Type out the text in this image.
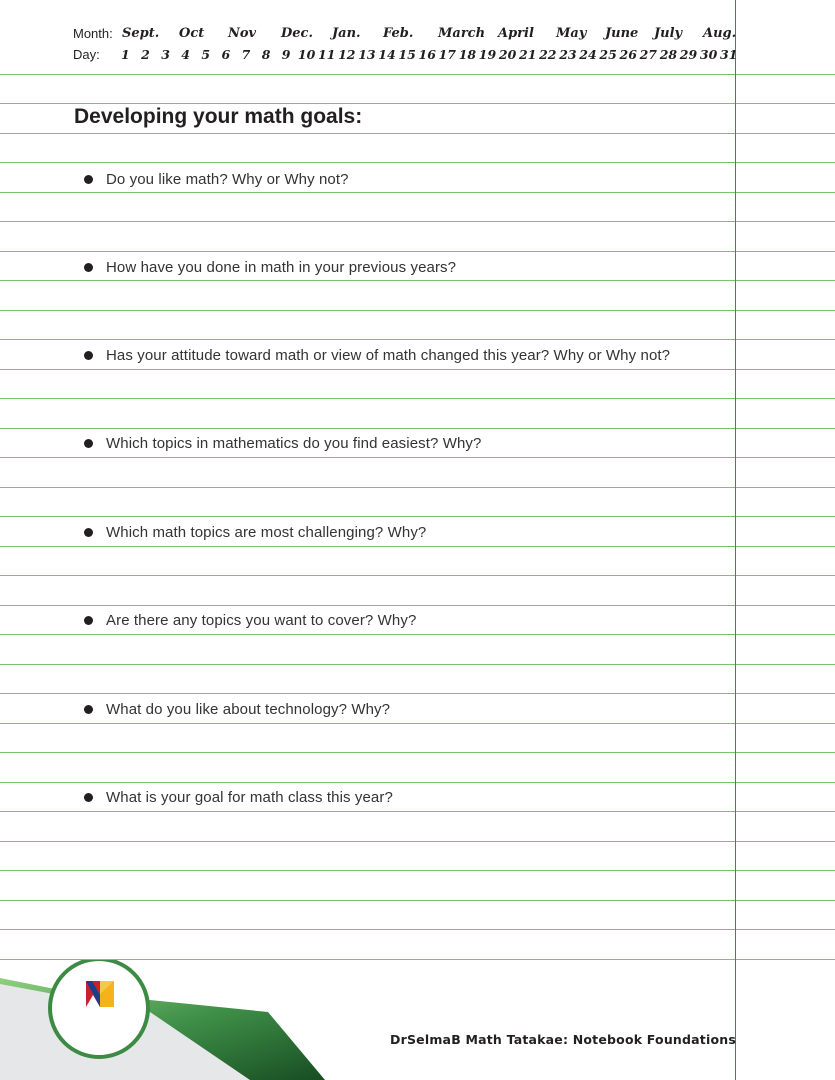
Month:
Day:
Sept. Oct Nov Dec. Jan. Feb. March April May June July Aug.
1 2 3 4 5 6 7 8 9 10 11 12 13 14 15 16 17 18 19 20 21 22 23 24 25 26 27 28 29 30 31
Developing your math goals:
Do you like math? Why or Why not?
How have you done in math in your previous years?
Has your attitude toward math or view of math changed this year? Why or Why not?
Which topics in mathematics do you find easiest? Why?
Which math topics are most challenging? Why?
Are there any topics you want to cover? Why?
What do you like about technology? Why?
What is your goal for math class this year?
DrSelmaB Math Tatakae: Notebook Foundations
